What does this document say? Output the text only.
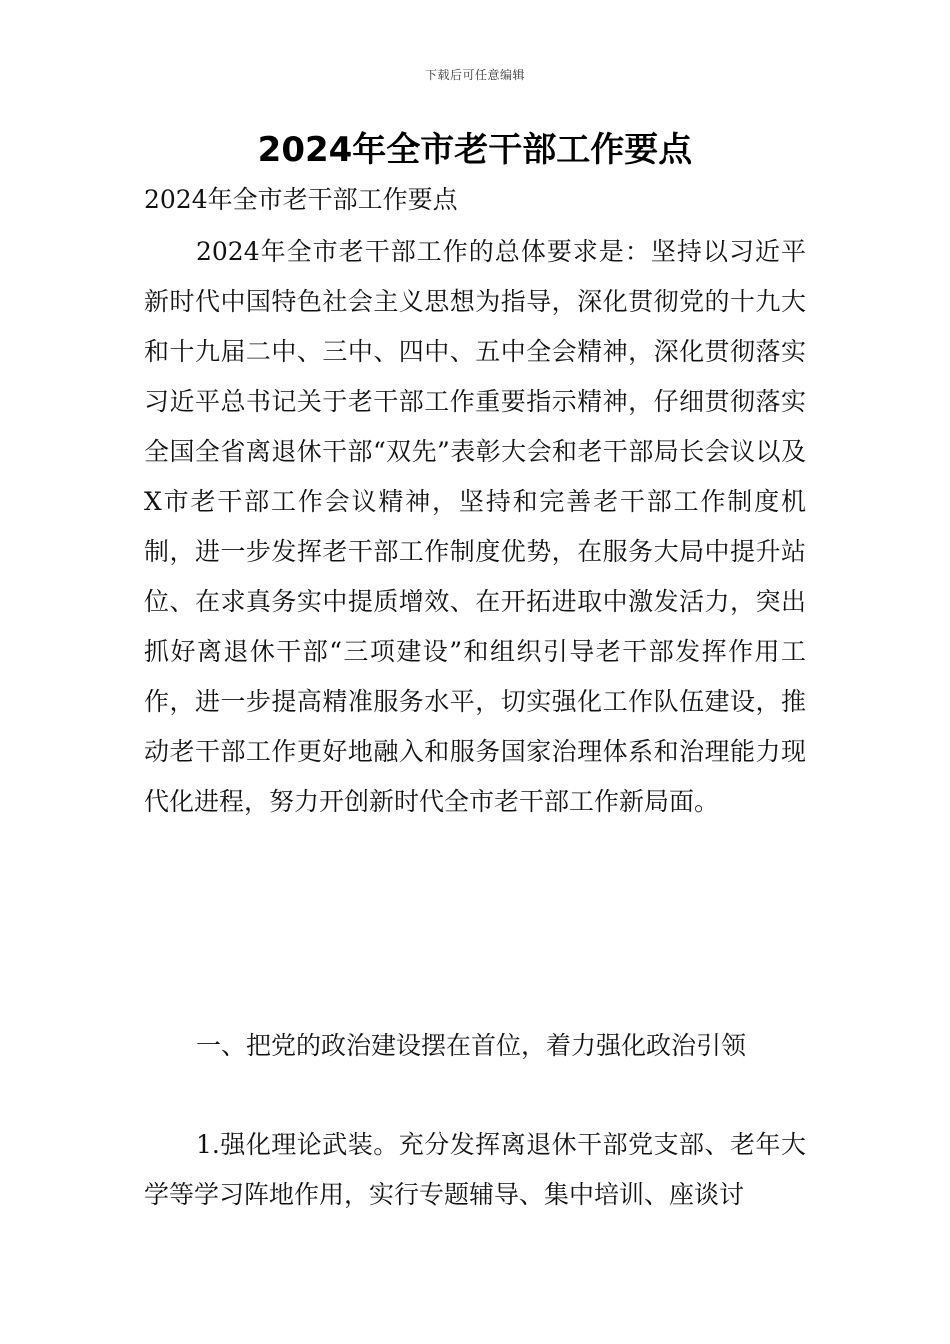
下载后可任意编辑
2024年全市老干部工作要点
2024年全市老干部工作要点

2024年全市老干部工作的总体要求是：坚持以习近平新时代中国特色社会主义思想为指导，深化贯彻党的十九大和十九届二中、三中、四中、五中全会精神，深化贯彻落实习近平总书记关于老干部工作重要指示精神，仔细贯彻落实全国全省离退休干部“双先”表彰大会和老干部局长会议以及X市老干部工作会议精神，坚持和完善老干部工作制度机制，进一步发挥老干部工作制度优势，在服务大局中提升站位、在求真务实中提质增效、在开拓进取中激发活力，突出抓好离退休干部“三项建设”和组织引导老干部发挥作用工作，进一步提高精准服务水平，切实强化工作队伍建设，推动老干部工作更好地融入和服务国家治理体系和治理能力现代化进程，努力开创新时代全市老干部工作新局面。

一、把党的政治建设摆在首位，着力强化政治引领

1.强化理论武装。充分发挥离退休干部党支部、老年大学等学习阵地作用，实行专题辅导、集中培训、座谈讨
